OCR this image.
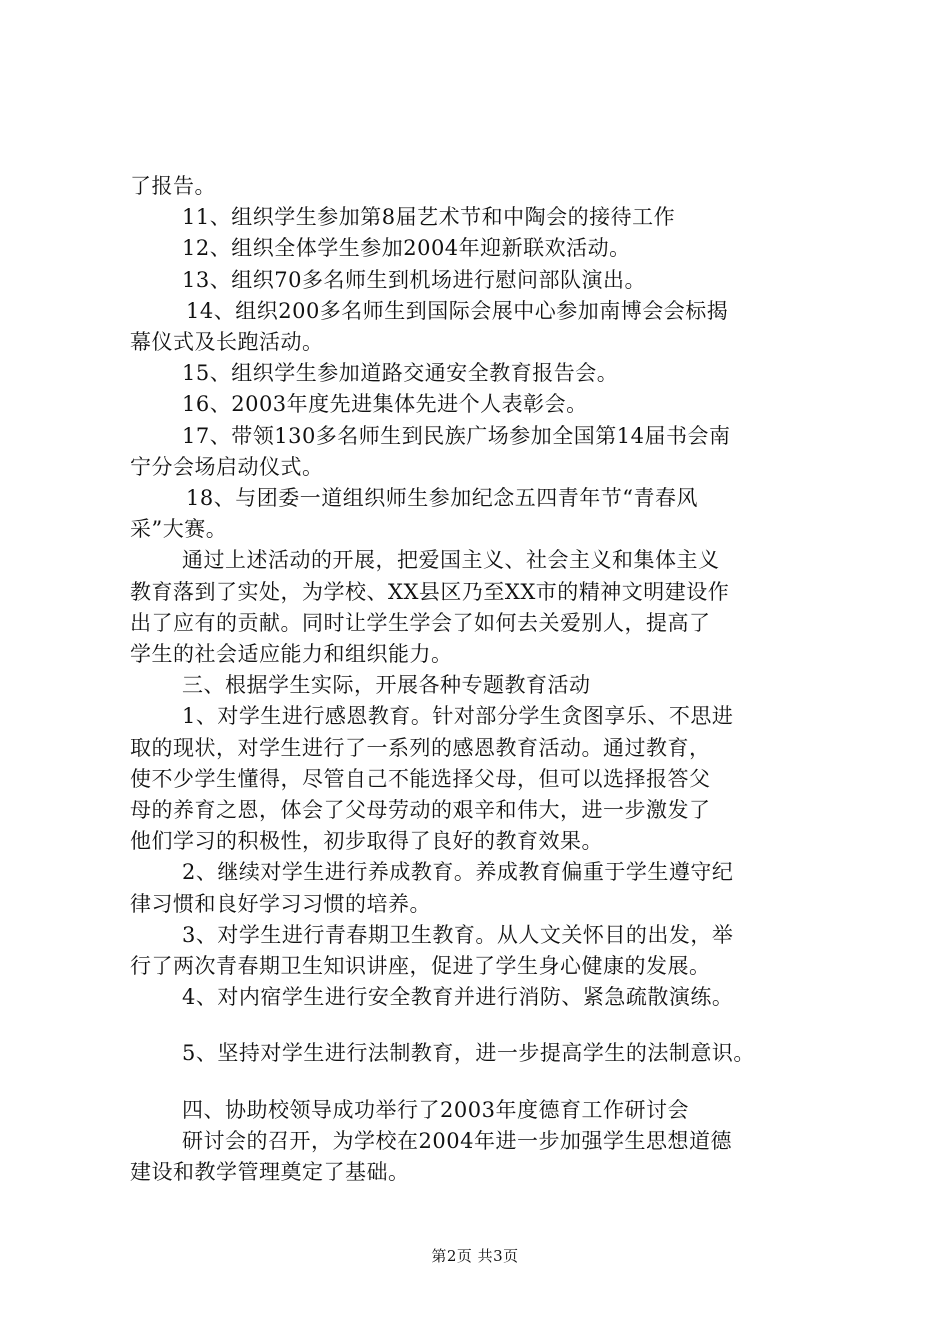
了报告。

11、组织学生参加第8届艺术节和中陶会的接待工作

12、组织全体学生参加2004年迎新联欢活动。

13、组织70多名师生到机场进行慰问部队演出。

14、组织200多名师生到国际会展中心参加南博会会标揭

幕仪式及长跑活动。

15、组织学生参加道路交通安全教育报告会。

16、2003年度先进集体先进个人表彰会。

17、带领130多名师生到民族广场参加全国第14届书会南

宁分会场启动仪式。

18、与团委一道组织师生参加纪念五四青年节“青春风

采”大赛。

通过上述活动的开展，把爱国主义、社会主义和集体主义

教育落到了实处，为学校、XX县区乃至XX市的精神文明建设作

出了应有的贡献。同时让学生学会了如何去关爱别人，提高了

学生的社会适应能力和组织能力。

三、根据学生实际，开展各种专题教育活动

1、对学生进行感恩教育。针对部分学生贪图享乐、不思进

取的现状，对学生进行了一系列的感恩教育活动。通过教育，

使不少学生懂得，尽管自己不能选择父母，但可以选择报答父

母的养育之恩，体会了父母劳动的艰辛和伟大，进一步激发了

他们学习的积极性，初步取得了良好的教育效果。

2、继续对学生进行养成教育。养成教育偏重于学生遵守纪

律习惯和良好学习习惯的培养。

3、对学生进行青春期卫生教育。从人文关怀目的出发，举

行了两次青春期卫生知识讲座，促进了学生身心健康的发展。

4、对内宿学生进行安全教育并进行消防、紧急疏散演练。

5、坚持对学生进行法制教育，进一步提高学生的法制意识。

四、协助校领导成功举行了2003年度德育工作研讨会

研讨会的召开，为学校在2004年进一步加强学生思想道德

建设和教学管理奠定了基础。

第2页 共3页
